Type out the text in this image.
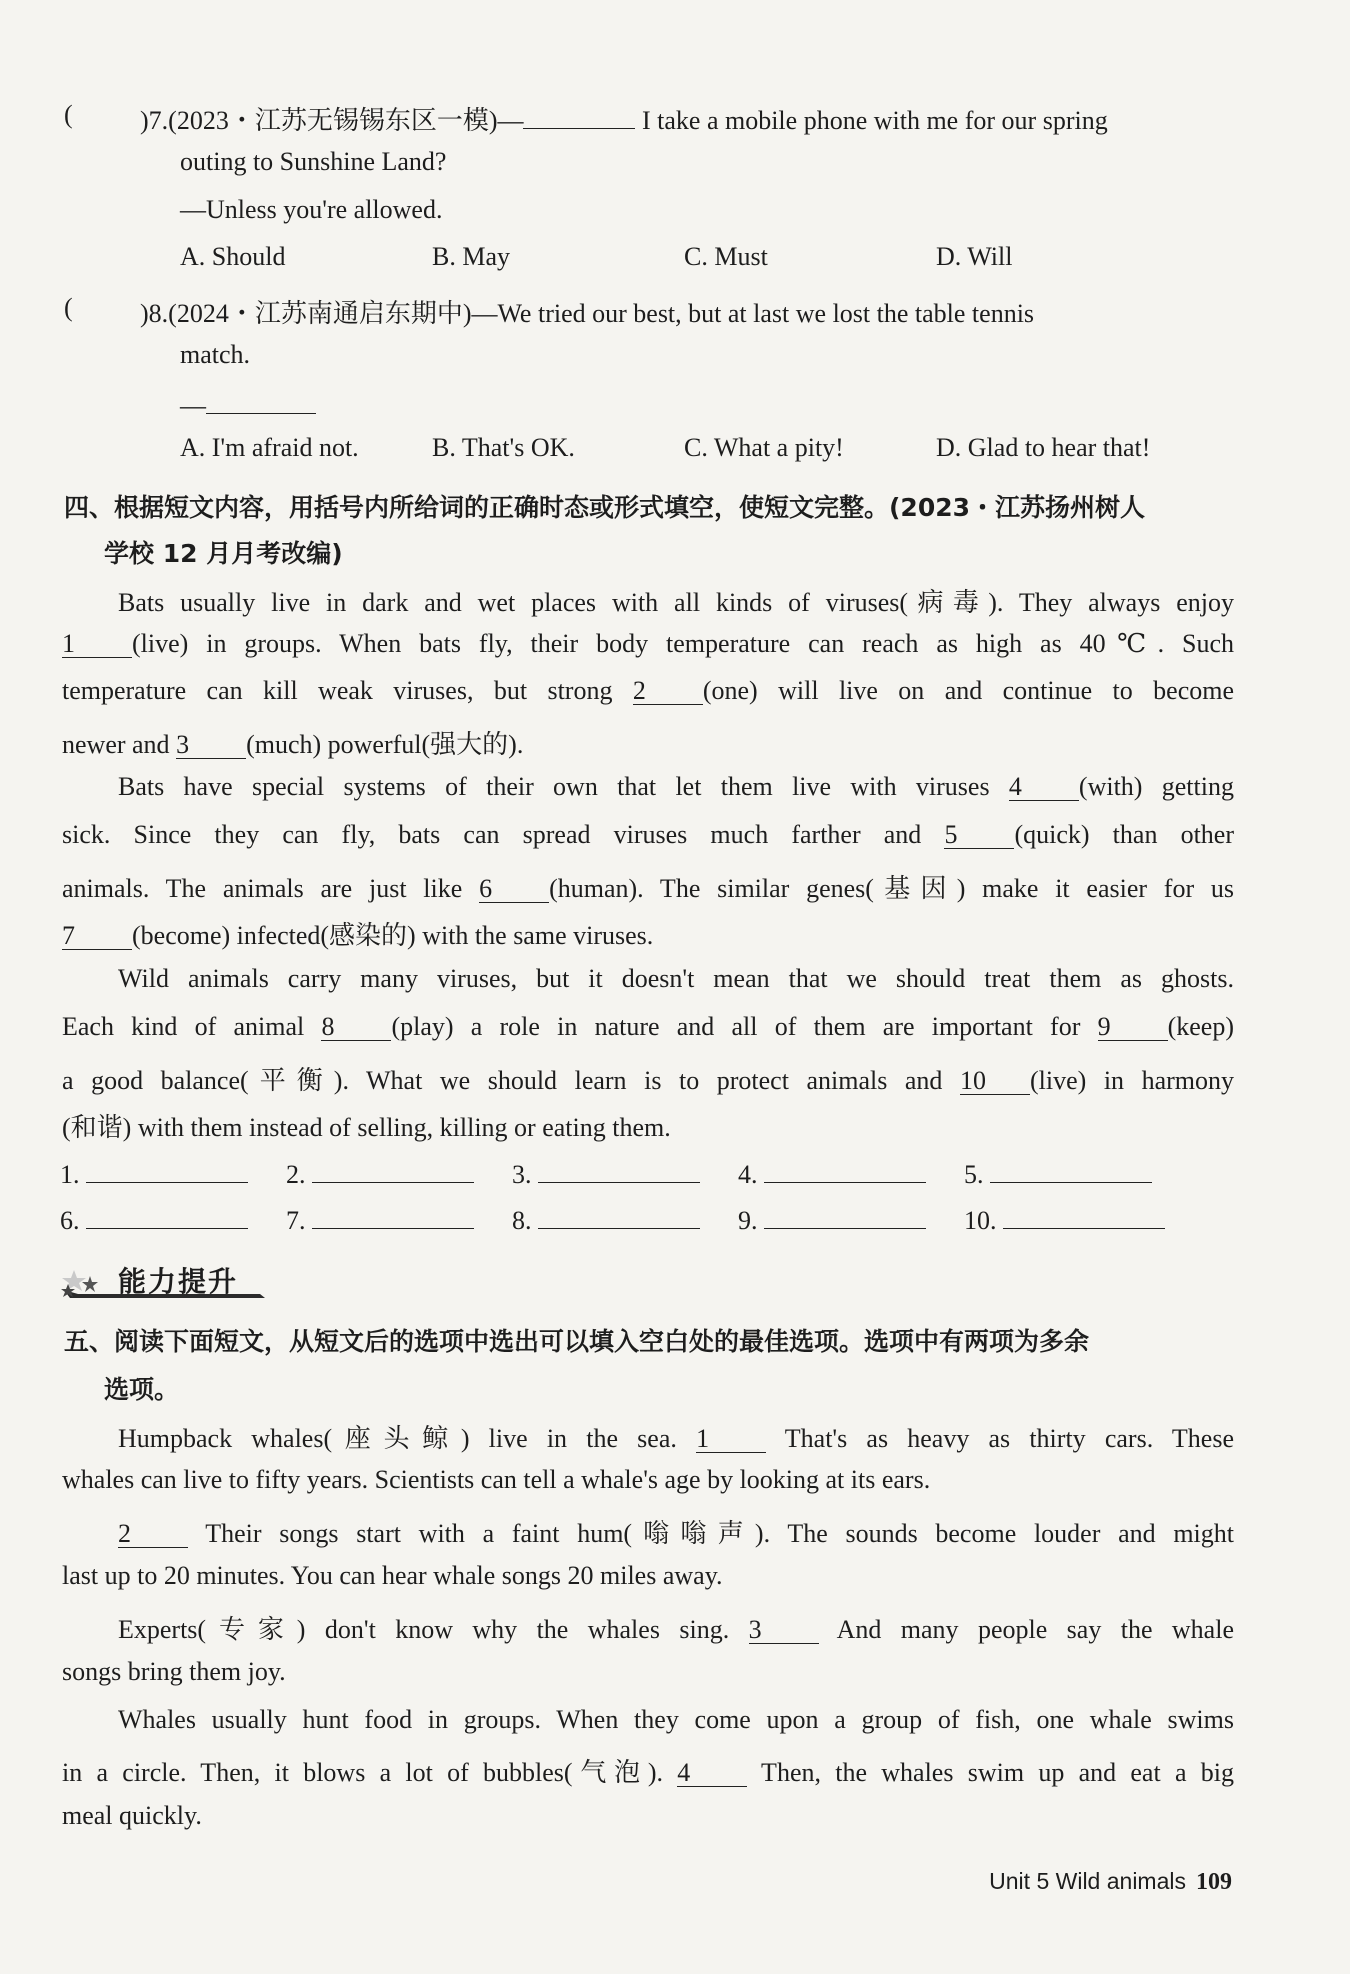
(	)7.(2023・江苏无锡锡东区一模)—	I take a mobile phone with me for our spring
outing to Sunshine Land?
—Unless you're allowed.
A. Should	B. May	C. Must	D. Will
(	)8.(2024・江苏南通启东期中)—We tried our best, but at last we lost the table tennis
match.
—
A. I'm afraid not.	B. That's OK.	C. What a pity!	D. Glad to hear that!
四、根据短文内容，用括号内所给词的正确时态或形式填空，使短文完整。(2023・江苏扬州树人
学校 12 月月考改编)
Bats usually live in dark and wet places with all kinds of viruses(病毒). They always enjoy
1 (live) in groups. When bats fly, their body temperature can reach as high as 40℃. Such
temperature can kill weak viruses, but strong 2 (one) will live on and continue to become
newer and 3 (much) powerful(强大的).
Bats have special systems of their own that let them live with viruses 4 (with) getting
sick. Since they can fly, bats can spread viruses much farther and 5 (quick) than other
animals. The animals are just like 6 (human). The similar genes(基因) make it easier for us
7 (become) infected(感染的) with the same viruses.
Wild animals carry many viruses, but it doesn't mean that we should treat them as ghosts.
Each kind of animal 8 (play) a role in nature and all of them are important for 9 (keep)
a good balance(平衡). What we should learn is to protect animals and 10 (live) in harmony
(和谐) with them instead of selling, killing or eating them.
1.	2.	3.	4.	5.
6.	7.	8.	9.	10.
能力提升
五、阅读下面短文，从短文后的选项中选出可以填入空白处的最佳选项。选项中有两项为多余
选项。
Humpback whales(座头鲸) live in the sea. 1 That's as heavy as thirty cars. These
whales can live to fifty years. Scientists can tell a whale's age by looking at its ears.
2 Their songs start with a faint hum(嗡嗡声). The sounds become louder and might
last up to 20 minutes. You can hear whale songs 20 miles away.
Experts(专家) don't know why the whales sing. 3 And many people say the whale
songs bring them joy.
Whales usually hunt food in groups. When they come upon a group of fish, one whale swims
in a circle. Then, it blows a lot of bubbles(气泡). 4 Then, the whales swim up and eat a big
meal quickly.
Unit 5 Wild animals 109
